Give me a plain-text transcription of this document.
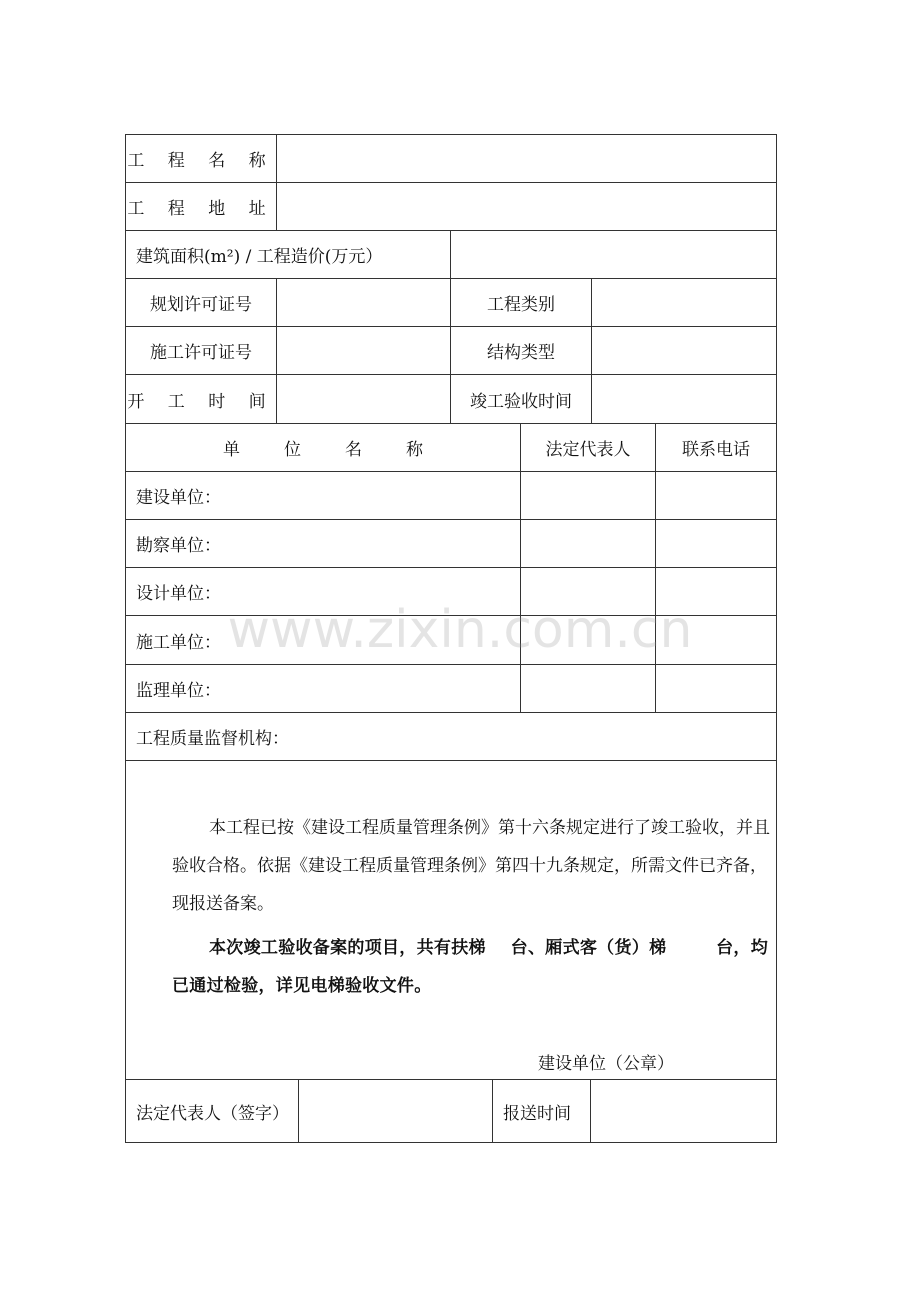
工 程 名 称
工 程 地 址
建筑面积(m²) / 工程造价(万元）
规划许可证号	工程类别
施工许可证号	结构类型
开 工 时 间	竣工验收时间
单位名称	法定代表人	联系电话
建设单位：
勘察单位：
设计单位：
施工单位：
监理单位：
工程质量监督机构：

本工程已按《建设工程质量管理条例》第十六条规定进行了竣工验收，并且验收合格。依据《建设工程质量管理条例》第四十九条规定，所需文件已齐备，现报送备案。

本次竣工验收备案的项目，共有扶梯    台、厢式客（货）梯        台，均已通过检验，详见电梯验收文件。

建设单位（公章）

法定代表人（签字）	报送时间
www.zixin.com.cn
